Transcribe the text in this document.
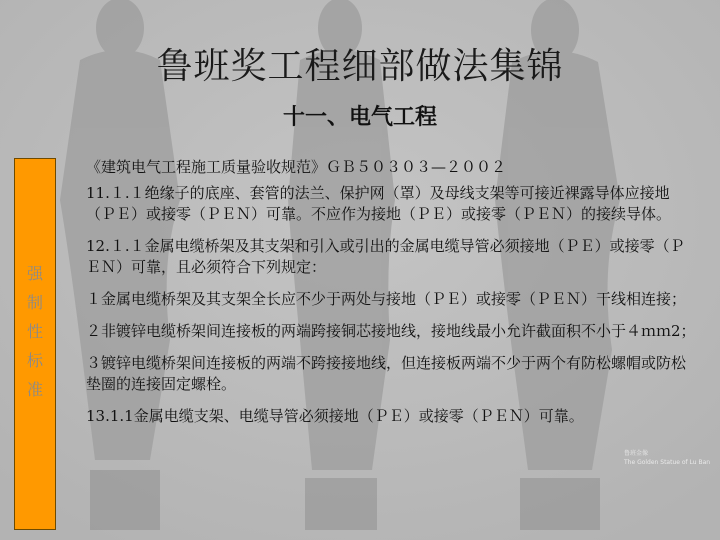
鲁班奖工程细部做法集锦
十一、电气工程
强
制
性
标
准

《建筑电气工程施工质量验收规范》ＧＢ５０３０３—２００２

11.１.１绝缘子的底座、套管的法兰、保护网（罩）及母线支架等可接近裸露导体应接地（ＰＥ）或接零（ＰＥＮ）可靠。不应作为接地（ＰＥ）或接零（ＰＥＮ）的接续导体。

12.１.１金属电缆桥架及其支架和引入或引出的金属电缆导管必须接地（ＰＥ）或接零（ＰＥＮ）可靠，且必须符合下列规定：

１金属电缆桥架及其支架全长应不少于两处与接地（ＰＥ）或接零（ＰＥＮ）干线相连接；

２非镀锌电缆桥架间连接板的两端跨接铜芯接地线，接地线最小允许截面积不小于４ｍｍ2；

３镀锌电缆桥架间连接板的两端不跨接接地线，但连接板两端不少于两个有防松螺帽或防松垫圈的连接固定螺栓。

13.1.1金属电缆支架、电缆导管必须接地（ＰＥ）或接零（ＰＥＮ）可靠。

鲁班金像
The Golden Statue of Lu Ban
